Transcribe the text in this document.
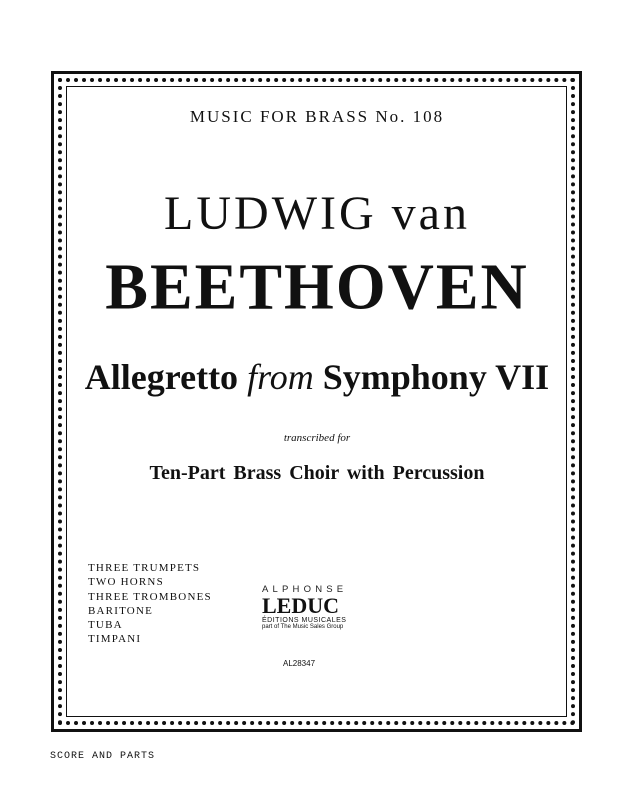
MUSIC FOR BRASS No. 108
LUDWIG van
BEETHOVEN
Allegretto from Symphony VII
transcribed for
Ten-Part Brass Choir with Percussion
THREE TRUMPETS
TWO HORNS
THREE TROMBONES
BARITONE
TUBA
TIMPANI
ALPHONSE
LEDUC
ÉDITIONS MUSICALES
part of The Music Sales Group
AL28347
SCORE AND PARTS
